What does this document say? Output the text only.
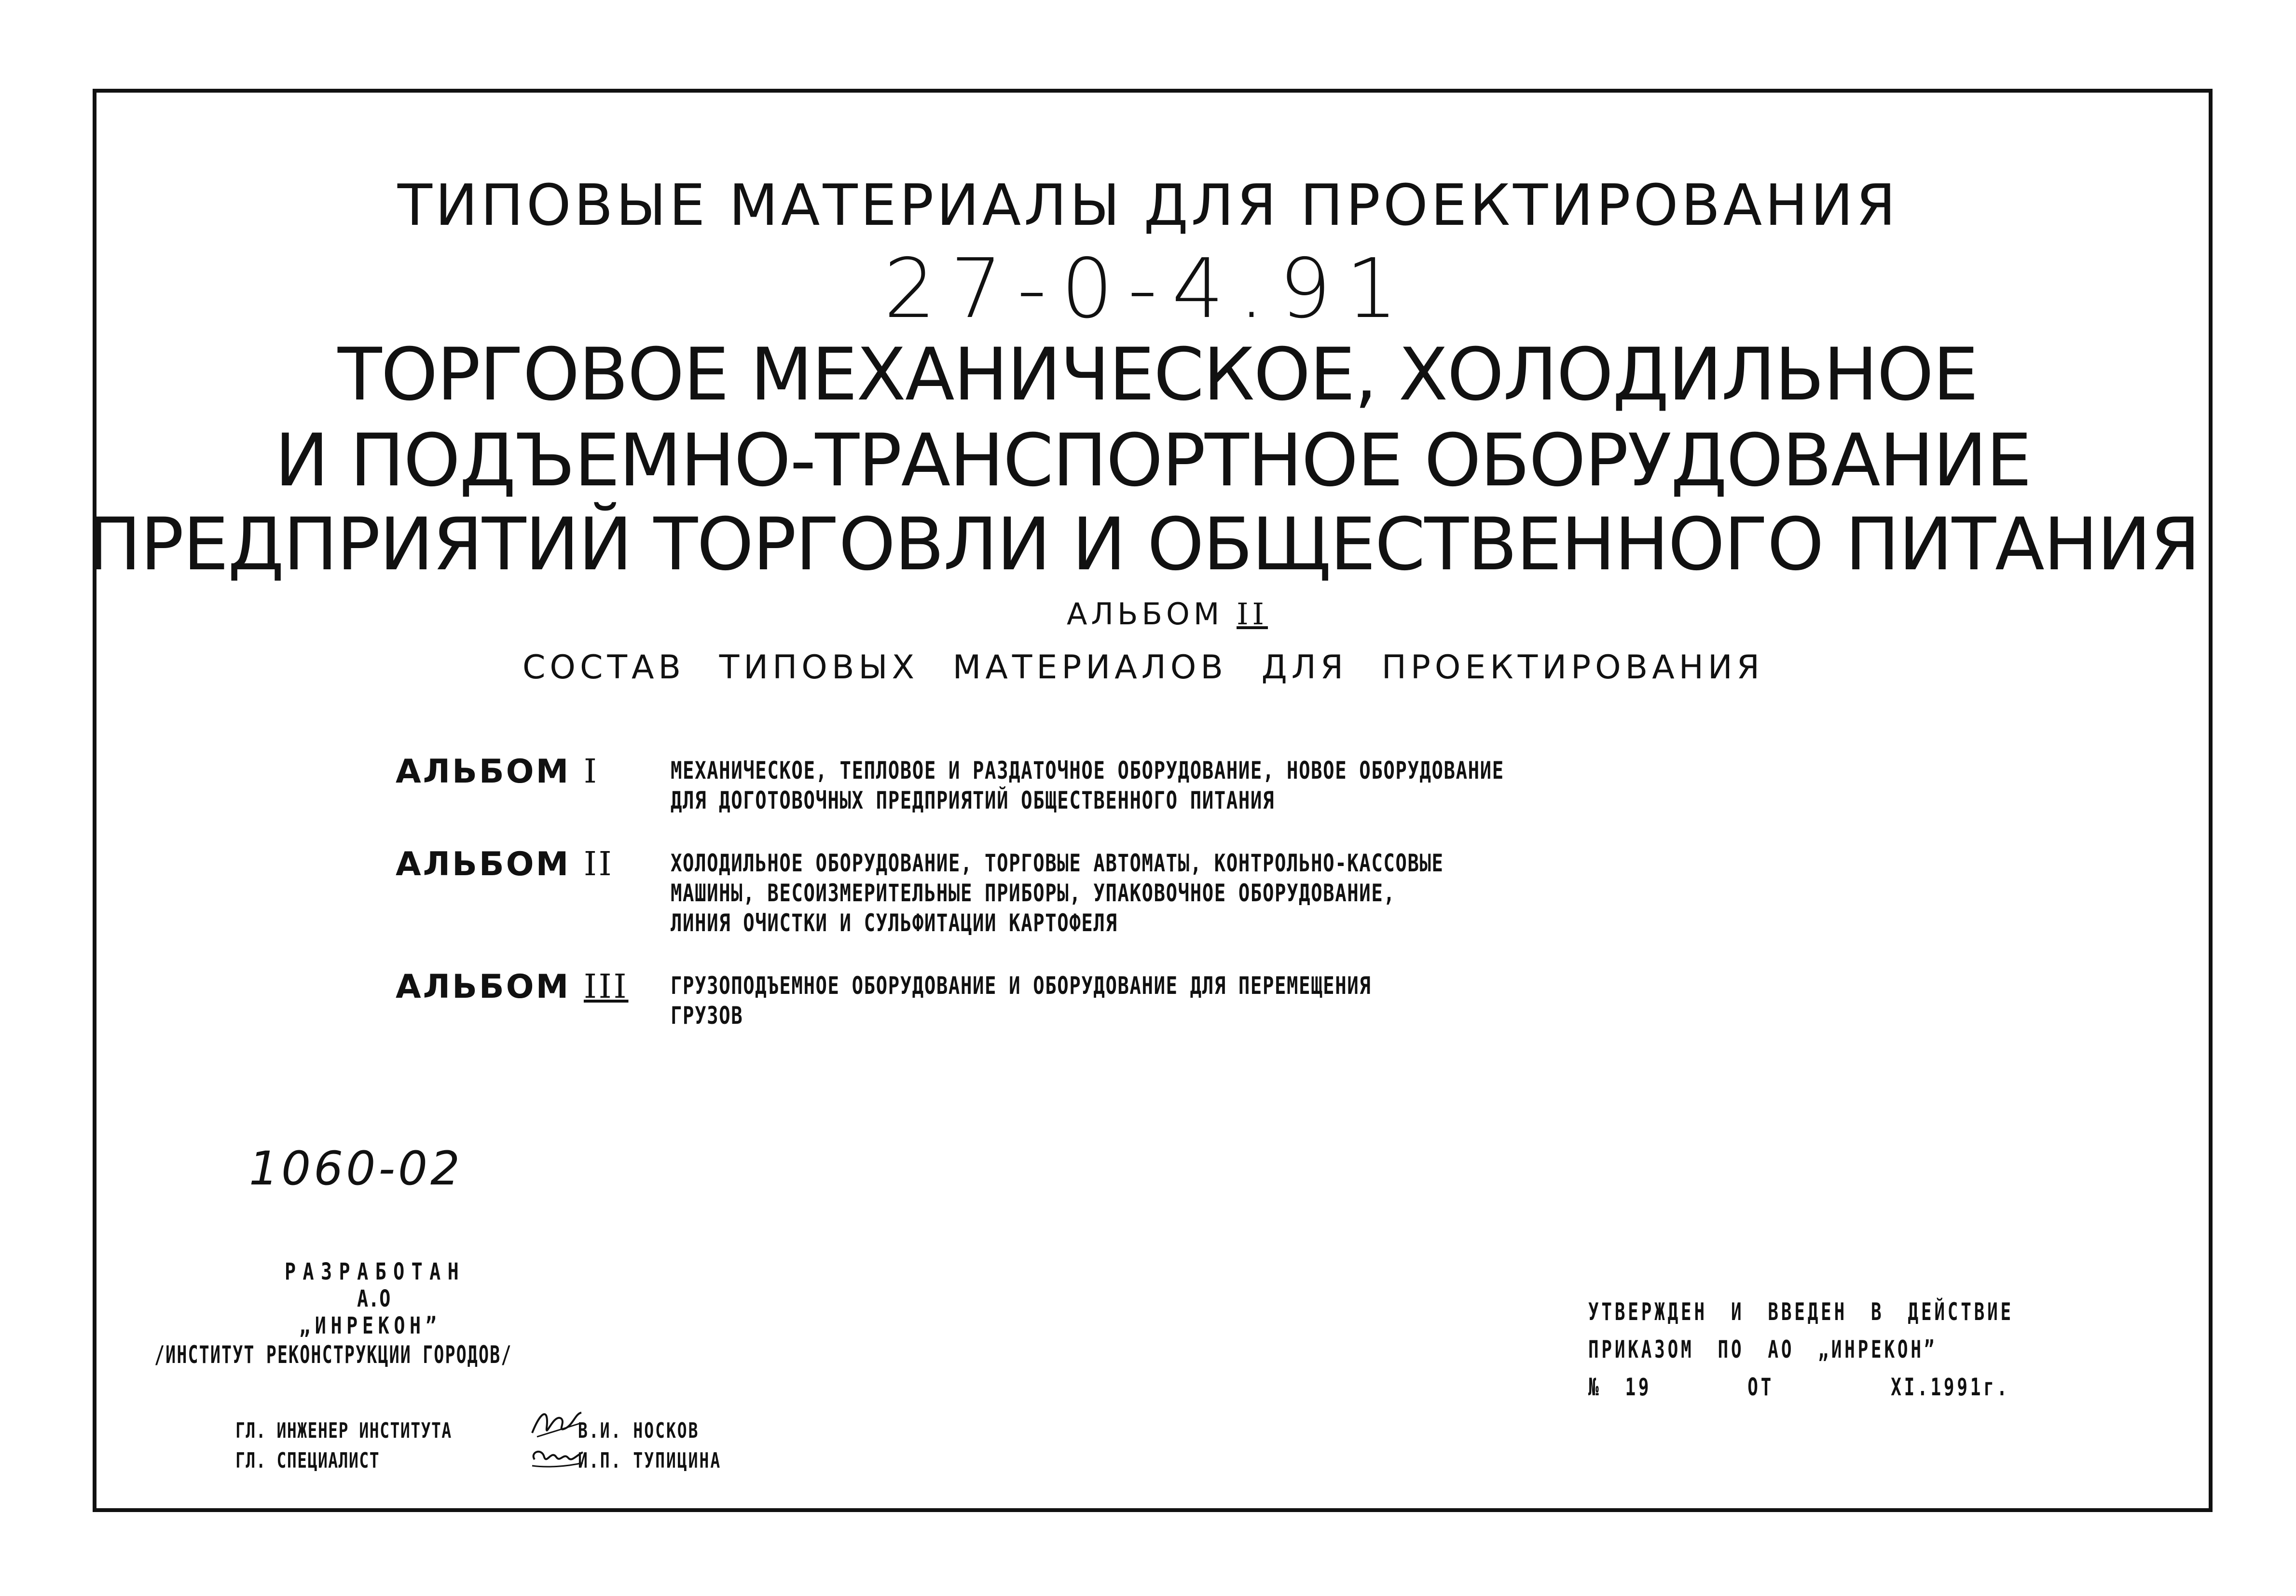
ТИПОВЫЕ МАТЕРИАЛЫ ДЛЯ ПРОЕКТИРОВАНИЯ
27-0-4.91
ТОРГОВОЕ МЕХАНИЧЕСКОЕ, ХОЛОДИЛЬНОЕ
И ПОДЪЕМНО-ТРАНСПОРТНОЕ ОБОРУДОВАНИЕ
ПРЕДПРИЯТИЙ ТОРГОВЛИ И ОБЩЕСТВЕННОГО ПИТАНИЯ
АЛЬБОМ II
СОСТАВ ТИПОВЫХ МАТЕРИАЛОВ ДЛЯ ПРОЕКТИРОВАНИЯ
АЛЬБОМ I	МЕХАНИЧЕСКОЕ, ТЕПЛОВОЕ И РАЗДАТОЧНОЕ ОБОРУДОВАНИЕ, НОВОЕ ОБОРУДОВАНИЕ
ДЛЯ ДОГОТОВОЧНЫХ ПРЕДПРИЯТИЙ ОБЩЕСТВЕННОГО ПИТАНИЯ
АЛЬБОМ II ХОЛОДИЛЬНОЕ ОБОРУДОВАНИЕ, ТОРГОВЫЕ АВТОМАТЫ, КОНТРОЛЬНО-КАССОВЫЕ
МАШИНЫ, ВЕСОИЗМЕРИТЕЛЬНЫЕ ПРИБОРЫ, УПАКОВОЧНОЕ ОБОРУДОВАНИЕ,
ЛИНИЯ ОЧИСТКИ И СУЛЬФИТАЦИИ КАРТОФЕЛЯ
АЛЬБОМ III ГРУЗОПОДЪЕМНОЕ ОБОРУДОВАНИЕ И ОБОРУДОВАНИЕ ДЛЯ ПЕРЕМЕЩЕНИЯ
ГРУЗОВ
1060-02
РАЗРАБОТАН
А.О
„ИНРЕКОН”
/ИНСТИТУТ РЕКОНСТРУКЦИИ ГОРОДОВ/
ГЛ. ИНЖЕНЕР ИНСТИТУТА	В.И. НОСКОВ
ГЛ. СПЕЦИАЛИСТ	И.П. ТУПИЦИНА
УТВЕРЖДЕН И ВВЕДЕН В ДЕЙСТВИЕ
ПРИКАЗОМ ПО АО „ИНРЕКОН”
№ 19	ОТ	XI.1991г.
